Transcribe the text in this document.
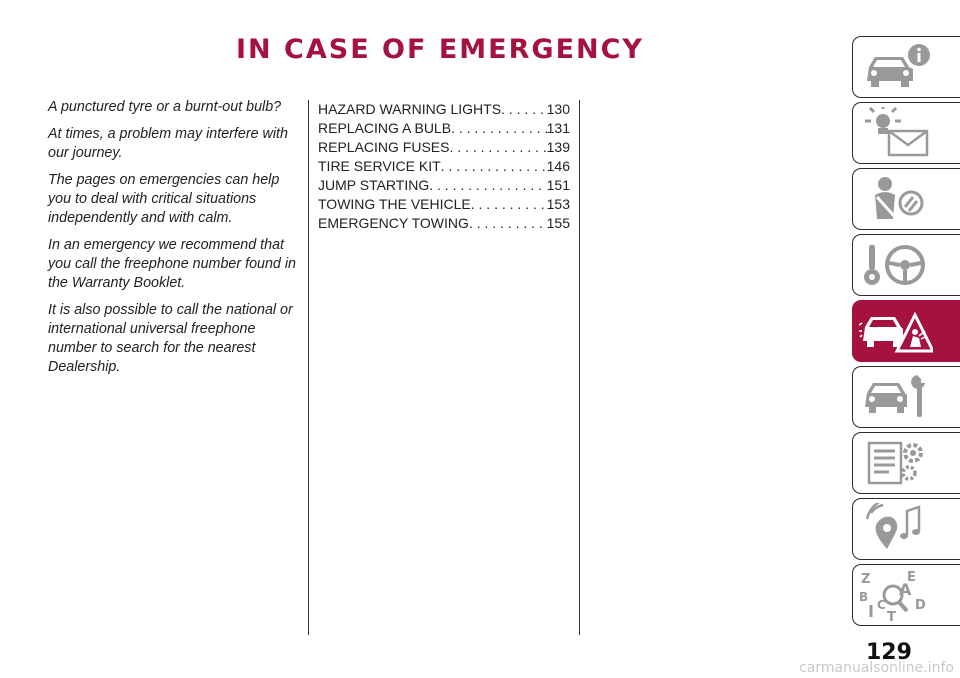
IN CASE OF EMERGENCY

A punctured tyre or a burnt-out bulb?

At times, a problem may interfere with our journey.

The pages on emergencies can help you to deal with critical situations independently and with calm.

In an emergency we recommend that you call the freephone number found in the Warranty Booklet.

It is also possible to call the national or international universal freephone number to search for the nearest Dealership.

HAZARD WARNING LIGHTS . . .	130
REPLACING A BULB . . .	131
REPLACING FUSES . . .	139
TIRE SERVICE KIT . . .	146
JUMP STARTING . . .	151
TOWING THE VEHICLE . . .	153
EMERGENCY TOWING . . .	155
Z	E
A
B
C D
T
129
carmanualsonline.info
